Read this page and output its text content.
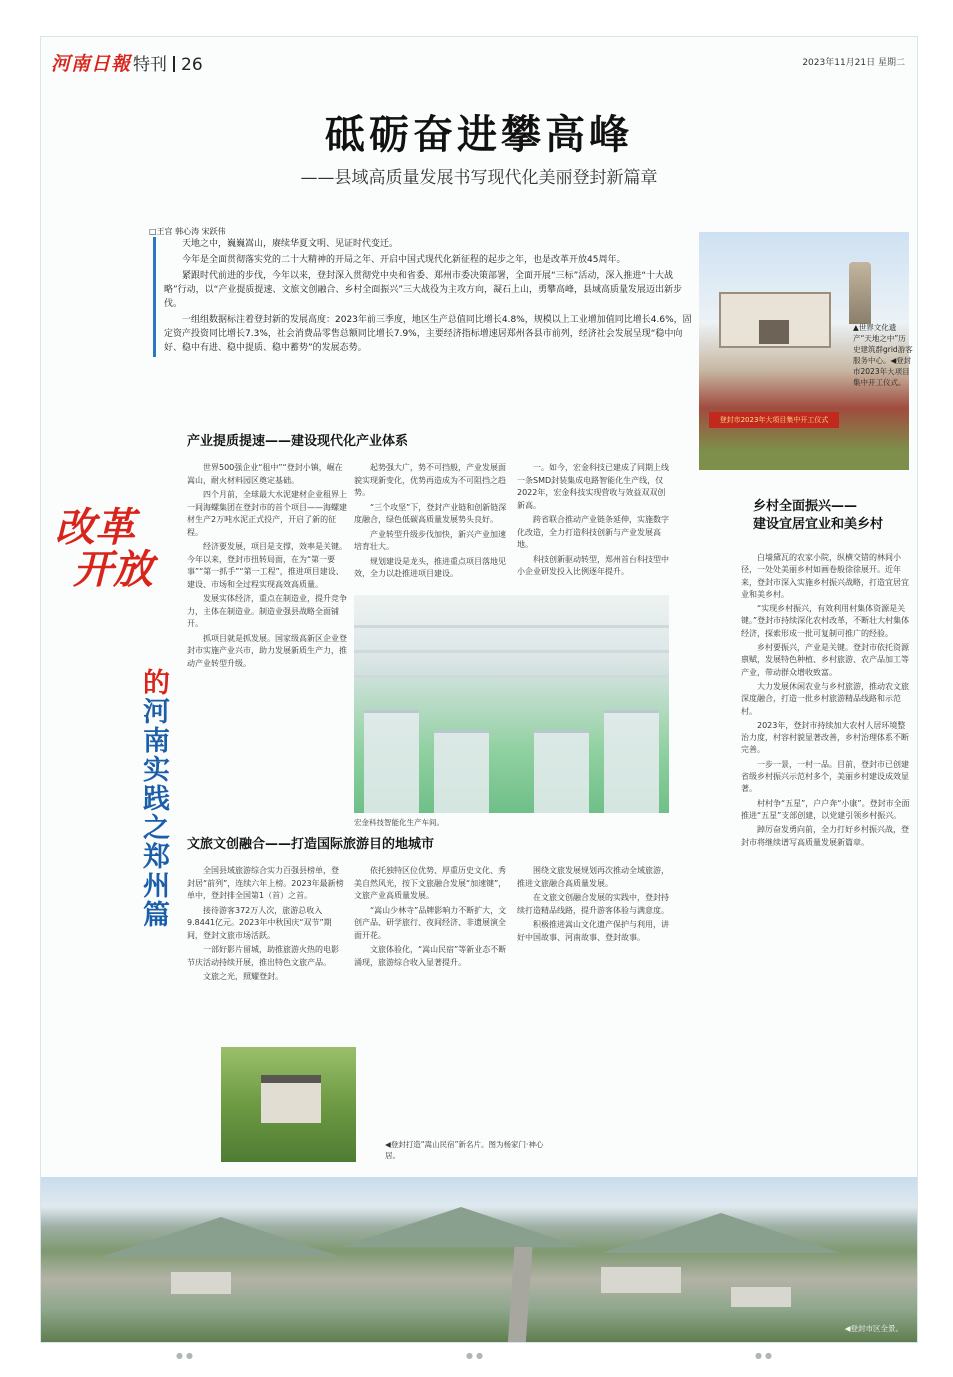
河南日報 特刊 26	2023年11月21日 星期二
砥砺奋进攀高峰
——县域高质量发展书写现代化美丽登封新篇章
□王宫 韩心涛 宋跃伟

天地之中，巍巍嵩山，赓续华夏文明、见证时代变迁。

今年是全面贯彻落实党的二十大精神的开局之年、开启中国式现代化新征程的起步之年，也是改革开放45周年。

紧跟时代前进的步伐，今年以来，登封深入贯彻党中央和省委、郑州市委决策部署，全面开展“三标”活动，深入推进“十大战略”行动，以“产业提质提速、文旅文创融合、乡村全面振兴”三大战役为主攻方向，凝石上山，勇攀高峰，县域高质量发展迈出新步伐。

一组组数据标注着登封新的发展高度：2023年前三季度，地区生产总值同比增长4.8%，规模以上工业增加值同比增长4.6%，固定资产投资同比增长7.3%，社会消费品零售总额同比增长7.9%，主要经济指标增速居郑州各县市前列，经济社会发展呈现“稳中向好、稳中有进、稳中提质、稳中蓄势”的发展态势。

登封市2023年大项目集中开工仪式
▲世界文化遗产“天地之中”历史建筑群grid游客服务中心。◀登封市2023年大项目集中开工仪式。
改革
开放
的
河
南
实
践
之
郑
州
篇
产业提质提速——建设现代化产业体系

世界500强企业“租中”“登封小镇，崛在嵩山，耐火材料园区奠定基础。

四个月前，全球最大水泥建材企业租界上一间海螺集团在登封市的首个项目——海螺建材生产2万吨水泥正式投产，开启了新的征程。

经济要发展，项目是支撑，效率是关键。今年以来，登封市扭转局面，在为“第一要事”“第一抓手”“第一工程”，推进项目建设、建设、市场和全过程实现高效高质量。

发展实体经济，重点在制造业，提升竞争力，主体在制造业。制造业强县战略全面铺开。

抓项目就是抓发展。国家级高新区企业登封市实施产业兴市，助力发展新质生产力，推动产业转型升级。

起势强大广，势不可挡般，产业发展面貌实现新变化，优势再造成为不可阻挡之趋势。

“三个攻坚”下，登封产业链和创新链深度融合，绿色低碳高质量发展势头良好。

产业转型升级步伐加快，新兴产业加速培育壮大。

规划建设是龙头，推进重点项目落地见效，全力以赴推进项目建设。

一。如今，宏金科技已建成了同期上线一条SMD封装集成电路智能化生产线，仅2022年，宏金科技实现营收与效益双双创新高。

跨省联合推动产业链条延伸，实施数字化改造，全力打造科技创新与产业发展高地。

科技创新驱动转型，郑州首台科技型中小企业研发投入比例逐年提升。

宏金科技智能化生产车间。
文旅文创融合——打造国际旅游目的地城市

全国县域旅游综合实力百强县榜单，登封居“前列”，连续六年上榜。2023年最新榜单中，登封排全国第1（首）之首。

接待游客372万人次，旅游总收入9.8441亿元。2023年中秋国庆“双节”期间，登封文旅市场活跃。

一部好影片留城，助推旅游火热的电影节庆活动持续开展，推出特色文旅产品。

文旅之光，照耀登封。

依托独特区位优势、厚重历史文化、秀美自然风光，按下文旅融合发展“加速键”，文旅产业高质量发展。

“嵩山少林寺”品牌影响力不断扩大，文创产品、研学旅行、夜间经济、非遗展演全面开花。

文旅体验化，“嵩山民宿”等新业态不断涌现，旅游综合收入显著提升。

围绕文旅发展规划再次推动全域旅游，推进文旅融合高质量发展。

在文旅文创融合发展的实践中，登封持续打造精品线路，提升游客体验与满意度。

积极推进嵩山文化遗产保护与利用，讲好中国故事、河南故事、登封故事。

◀登封打造“嵩山民宿”新名片。图为杨家门·神心居。
乡村全面振兴——
建设宜居宜业和美乡村

白墙黛瓦的农家小院，纵横交错的林间小径，一处处美丽乡村如画卷般徐徐展开。近年来，登封市深入实施乡村振兴战略，打造宜居宜业和美乡村。

“实现乡村振兴，有效利用村集体资源是关键。”登封市持续深化农村改革，不断壮大村集体经济，探索形成一批可复制可推广的经验。

乡村要振兴，产业是关键。登封市依托资源禀赋，发展特色种植、乡村旅游、农产品加工等产业，带动群众增收致富。

大力发展休闲农业与乡村旅游，推动农文旅深度融合，打造一批乡村旅游精品线路和示范村。

2023年，登封市持续加大农村人居环境整治力度，村容村貌显著改善，乡村治理体系不断完善。

一步一景，一村一品。目前，登封市已创建省级乡村振兴示范村多个，美丽乡村建设成效显著。

村村争“五星”，户户奔“小康”。登封市全面推进“五星”支部创建，以党建引领乡村振兴。

踔厉奋发勇向前，全力打好乡村振兴战，登封市将继续谱写高质量发展新篇章。

◀登封市区全景。
●●	●●	●●
